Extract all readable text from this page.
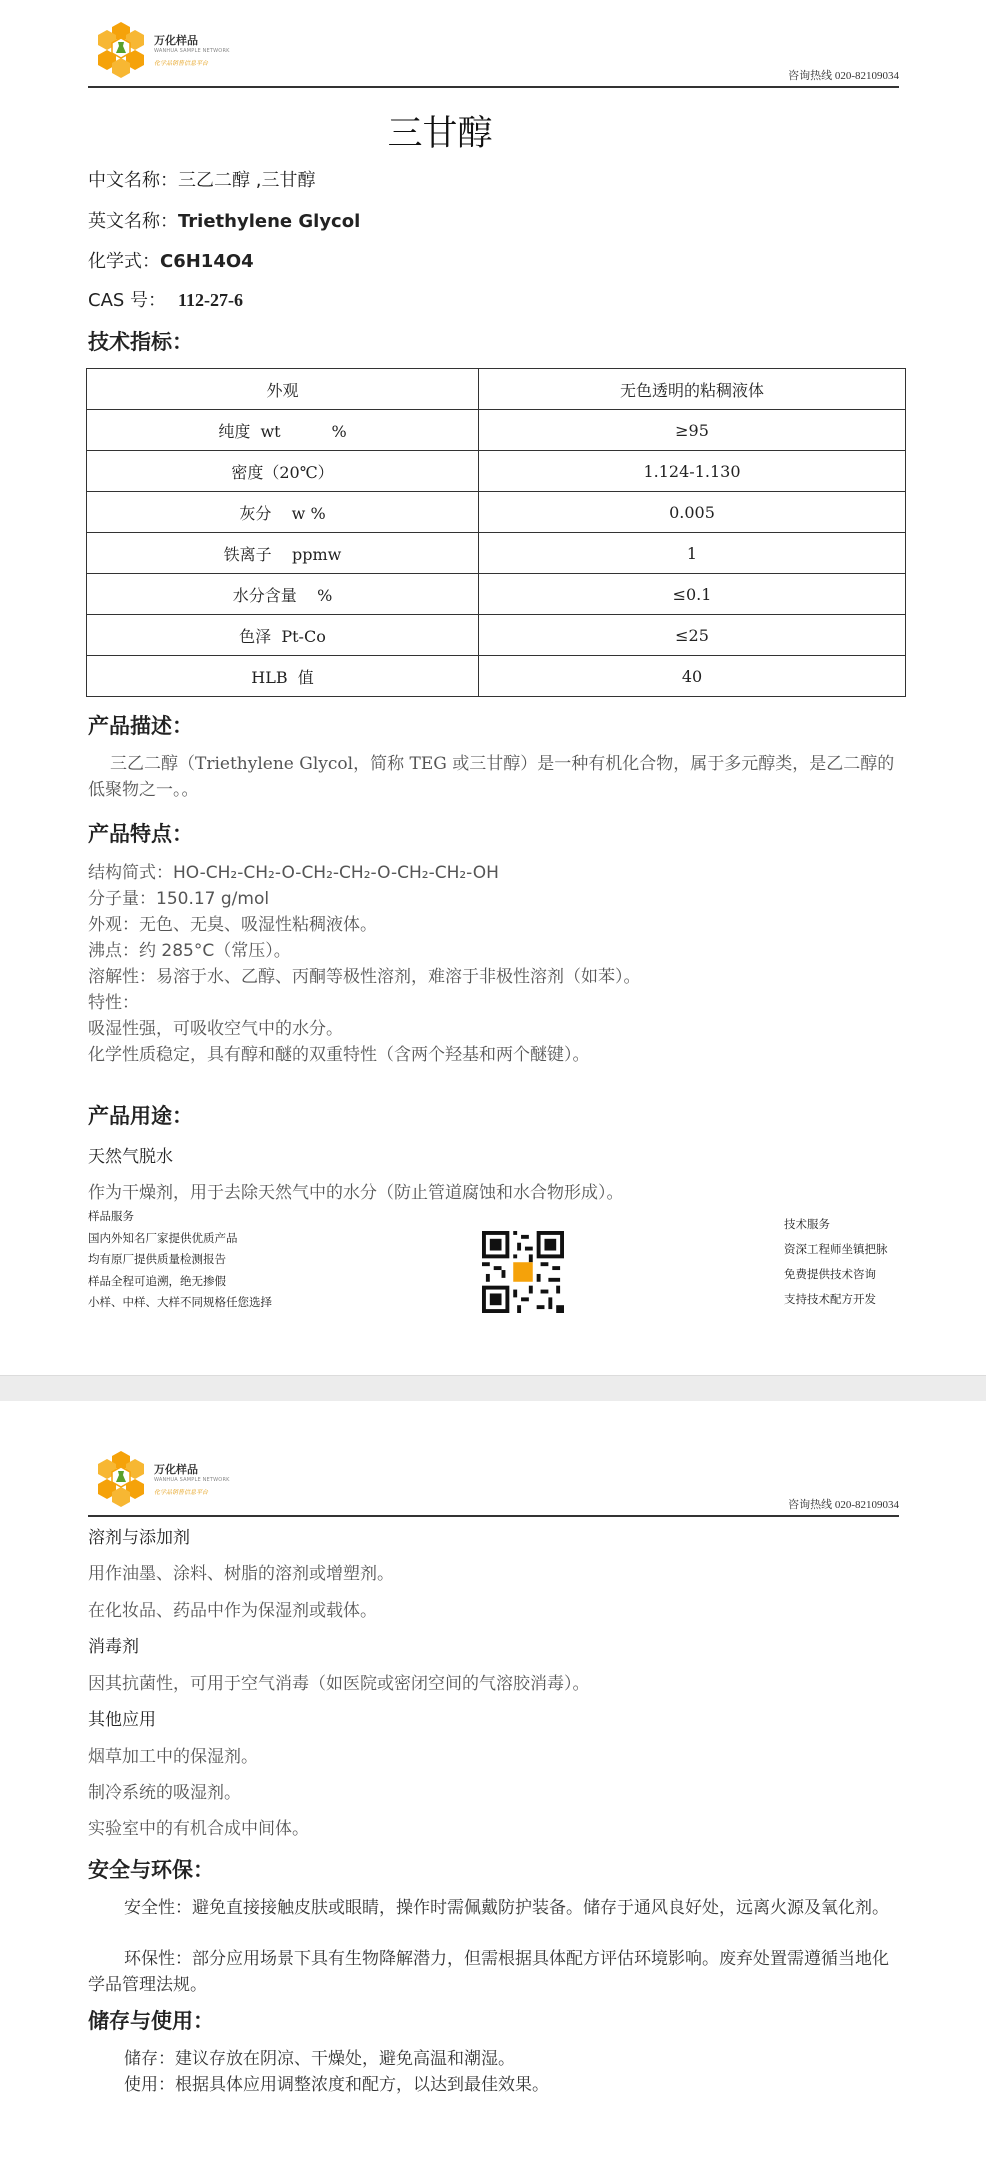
万化样品
WANHUA SAMPLE NETWORK
化学品销售信息平台
咨询热线 020-82109034
三甘醇
中文名称：三乙二醇 ,三甘醇
英文名称：Triethylene Glycol
化学式：C6H14O4
CAS 号： 112-27-6
技术指标：
外观	无色透明的粘稠液体
纯度  wt          %	≥95
密度（20℃）	1.124-1.130
灰分    w %	0.005
铁离子    ppmw	1
水分含量    %	≤0.1
色泽  Pt-Co	≤25
HLB  值	40
产品描述：
三乙二醇（Triethylene Glycol，简称 TEG 或三甘醇）是一种有机化合物，属于多元醇类，是乙二醇的低聚物之一。。
产品特点：
结构简式：HO-CH₂-CH₂-O-CH₂-CH₂-O-CH₂-CH₂-OH
分子量：150.17 g/mol
外观：无色、无臭、吸湿性粘稠液体。
沸点：约 285°C（常压）。
溶解性：易溶于水、乙醇、丙酮等极性溶剂，难溶于非极性溶剂（如苯）。
特性：
吸湿性强，可吸收空气中的水分。
化学性质稳定，具有醇和醚的双重特性（含两个羟基和两个醚键）。
产品用途：
天然气脱水
作为干燥剂，用于去除天然气中的水分（防止管道腐蚀和水合物形成）。
样品服务
国内外知名厂家提供优质产品
均有原厂提供质量检测报告
样品全程可追溯，绝无掺假
小样、中样、大样不同规格任您选择
技术服务
资深工程师坐镇把脉
免费提供技术咨询
支持技术配方开发
万化样品
WANHUA SAMPLE NETWORK
化学品销售信息平台
咨询热线 020-82109034
溶剂与添加剂
用作油墨、涂料、树脂的溶剂或增塑剂。
在化妆品、药品中作为保湿剂或载体。
消毒剂
因其抗菌性，可用于空气消毒（如医院或密闭空间的气溶胶消毒）。
其他应用
烟草加工中的保湿剂。
制冷系统的吸湿剂。
实验室中的有机合成中间体。
安全与环保：
安全性：避免直接接触皮肤或眼睛，操作时需佩戴防护装备。储存于通风良好处，远离火源及氧化剂。
环保性：部分应用场景下具有生物降解潜力，但需根据具体配方评估环境影响。废弃处置需遵循当地化学品管理法规。
储存与使用：
储存：建议存放在阴凉、干燥处，避免高温和潮湿。
使用：根据具体应用调整浓度和配方，以达到最佳效果。
